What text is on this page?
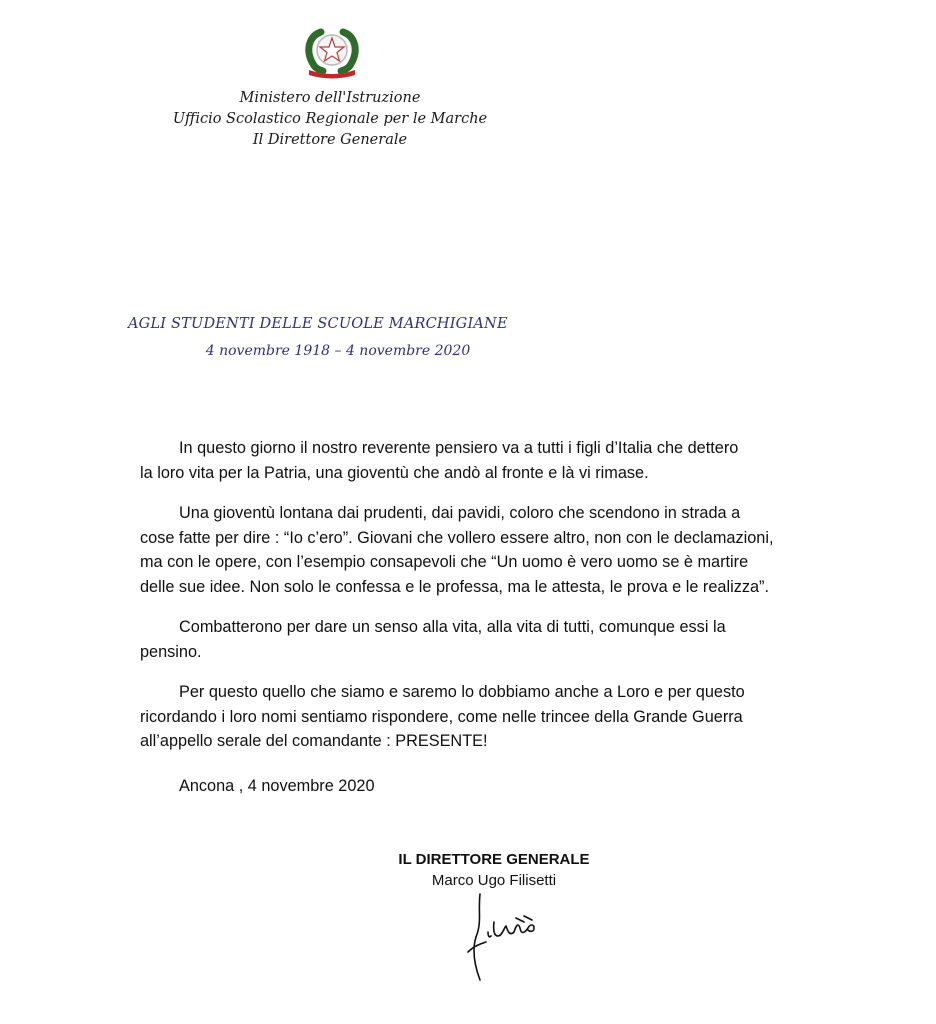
Ministero dell'Istruzione
Ufficio Scolastico Regionale per le Marche
Il Direttore Generale
AGLI STUDENTI DELLE SCUOLE MARCHIGIANE
4 novembre 1918 – 4 novembre 2020
In questo giorno il nostro reverente pensiero va a tutti i figli d’Italia che dettero
la loro vita per la Patria, una gioventù che andò al fronte e là vi rimase.
Una gioventù lontana dai prudenti, dai pavidi, coloro che scendono in strada a
cose fatte per dire : “Io c’ero”. Giovani che vollero essere altro, non con le declamazioni,
ma con le opere, con l’esempio consapevoli che “Un uomo è vero uomo se è martire
delle sue idee. Non solo le confessa e le professa, ma le attesta, le prova e le realizza”.
Combatterono per dare un senso alla vita, alla vita di tutti, comunque essi la
pensino.
Per questo quello che siamo e saremo lo dobbiamo anche a Loro e per questo
ricordando i loro nomi sentiamo rispondere, come nelle trincee della Grande Guerra
all’appello serale del comandante : PRESENTE!
Ancona , 4 novembre 2020
IL DIRETTORE GENERALE
Marco Ugo Filisetti
